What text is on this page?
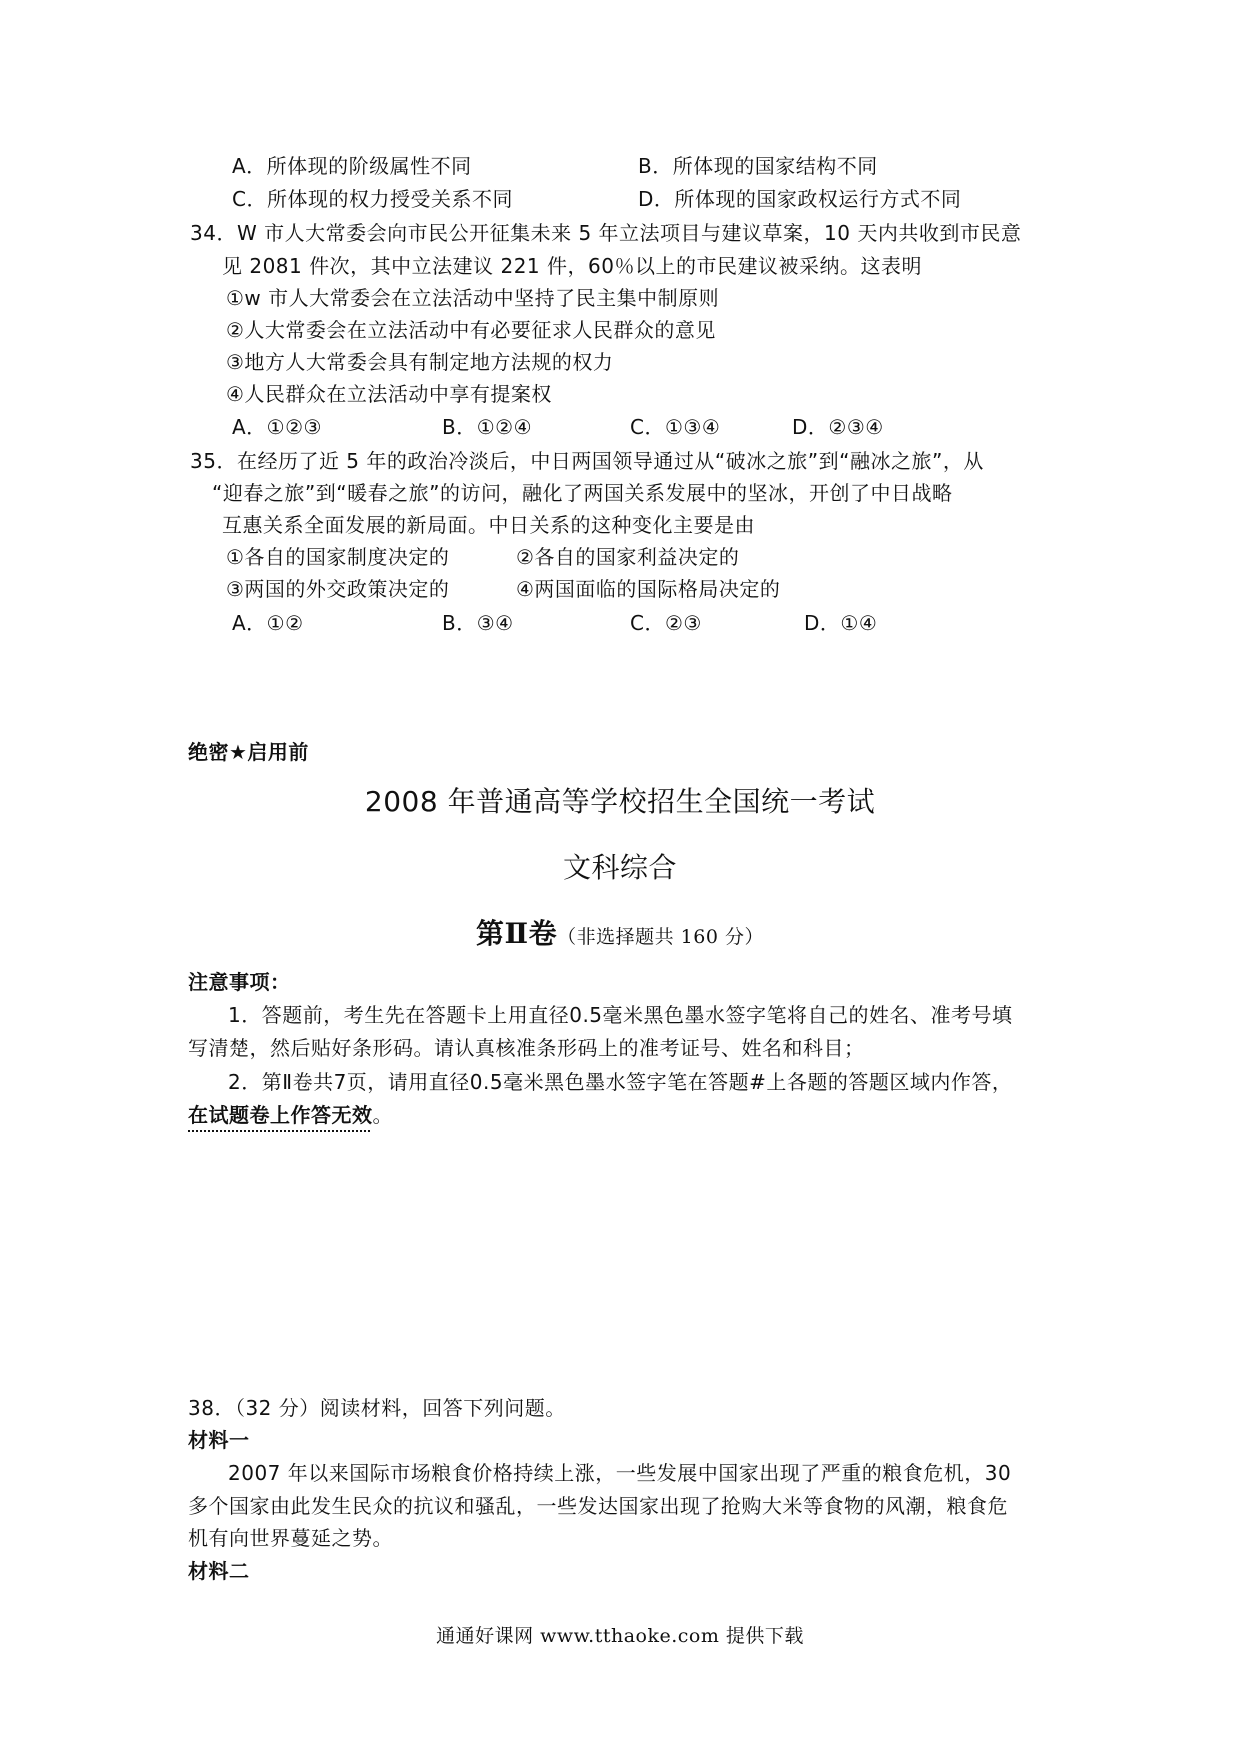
A．所体现的阶级属性不同	B．所体现的国家结构不同
C．所体现的权力授受关系不同	D．所体现的国家政权运行方式不同
34．W 市人大常委会向市民公开征集未来 5 年立法项目与建议草案，10 天内共收到市民意
见 2081 件次，其中立法建议 221 件，60％以上的市民建议被采纳。这表明
①w 市人大常委会在立法活动中坚持了民主集中制原则
②人大常委会在立法活动中有必要征求人民群众的意见
③地方人大常委会具有制定地方法规的权力
④人民群众在立法活动中享有提案权
A．①②③	B．①②④	C．①③④	D．②③④
35．在经历了近 5 年的政治冷淡后，中日两国领导通过从“破冰之旅”到“融冰之旅”，从
“迎春之旅”到“暖春之旅”的访问，融化了两国关系发展中的坚冰，开创了中日战略
互惠关系全面发展的新局面。中日关系的这种变化主要是由
①各自的国家制度决定的	②各自的国家利益决定的
③两国的外交政策决定的	④两国面临的国际格局决定的
A．①②	B．③④	C．②③	D．①④
绝密★启用前
2008 年普通高等学校招生全国统一考试
文科综合
第Ⅱ卷（非选择题共 160 分）
注意事项：
1．答题前，考生先在答题卡上用直径0.5毫米黑色墨水签字笔将自己的姓名、准考号填
写清楚，然后贴好条形码。请认真核准条形码上的准考证号、姓名和科目；
2．第Ⅱ卷共7页，请用直径0.5毫米黑色墨水签字笔在答题#上各题的答题区域内作答，
在试题卷上作答无效。
38．（32 分）阅读材料，回答下列问题。
材料一
2007 年以来国际市场粮食价格持续上涨，一些发展中国家出现了严重的粮食危机，30
多个国家由此发生民众的抗议和骚乱，一些发达国家出现了抢购大米等食物的风潮，粮食危
机有向世界蔓延之势。
材料二
通通好课网 www.tthaoke.com 提供下载
